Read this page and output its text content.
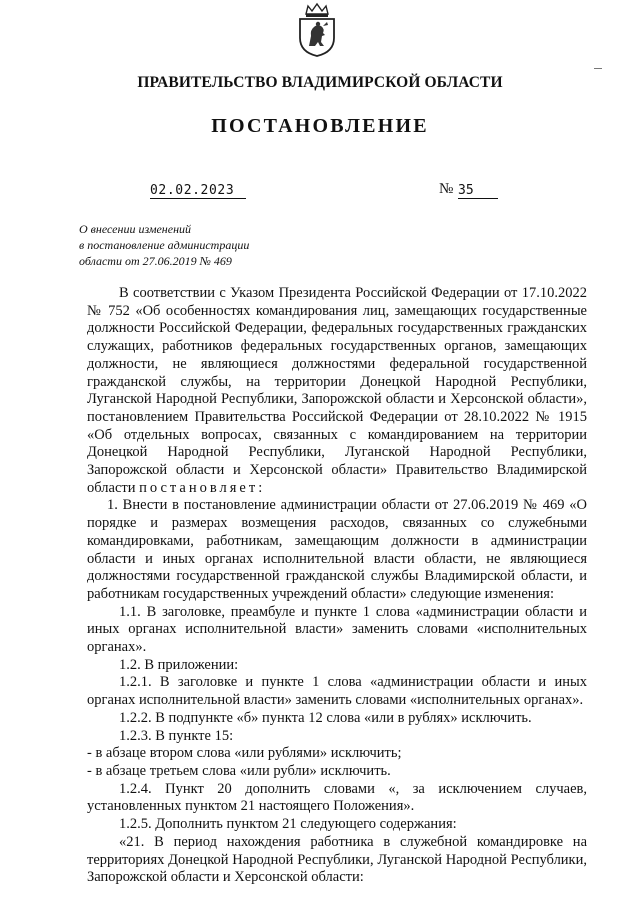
ПРАВИТЕЛЬСТВО ВЛАДИМИРСКОЙ ОБЛАСТИ
ПОСТАНОВЛЕНИЕ
02.02.2023	№ 35
О внесении изменений
в постановление администрации
области от 27.06.2019 № 469

В соответствии с Указом Президента Российской Федерации от 17.10.2022 № 752 «Об особенностях командирования лиц, замещающих государственные должности Российской Федерации, федеральных государственных гражданских служащих, работников федеральных государственных органов, замещающих должности, не являющиеся должностями федеральной государственной гражданской службы, на территории Донецкой Народной Республики, Луганской Народной Республики, Запорожской области и Херсонской области», постановлением Правительства Российской Федерации от 28.10.2022 № 1915 «Об отдельных вопросах, связанных с командированием на территории Донецкой Народной Республики, Луганской Народной Республики, Запорожской области и Херсонской области» Правительство Владимирской области постановляет:

1. Внести в постановление администрации области от 27.06.2019 № 469 «О порядке и размерах возмещения расходов, связанных со служебными командировками, работникам, замещающим должности в администрации области и иных органах исполнительной власти области, не являющиеся должностями государственной гражданской службы Владимирской области, и работникам государственных учреждений области» следующие изменения:

1.1. В заголовке, преамбуле и пункте 1 слова «администрации области и иных органах исполнительной власти» заменить словами «исполнительных органах».

1.2. В приложении:

1.2.1. В заголовке и пункте 1 слова «администрации области и иных органах исполнительной власти» заменить словами «исполнительных органах».

1.2.2. В подпункте «б» пункта 12 слова «или в рублях» исключить.

1.2.3. В пункте 15:

- в абзаце втором слова «или рублями» исключить;

- в абзаце третьем слова «или рубли» исключить.

1.2.4. Пункт 20 дополнить словами «, за исключением случаев, установленных пунктом 21 настоящего Положения».

1.2.5. Дополнить пунктом 21 следующего содержания:

«21. В период нахождения работника в служебной командировке на территориях Донецкой Народной Республики, Луганской Народной Республики, Запорожской области и Херсонской области:
